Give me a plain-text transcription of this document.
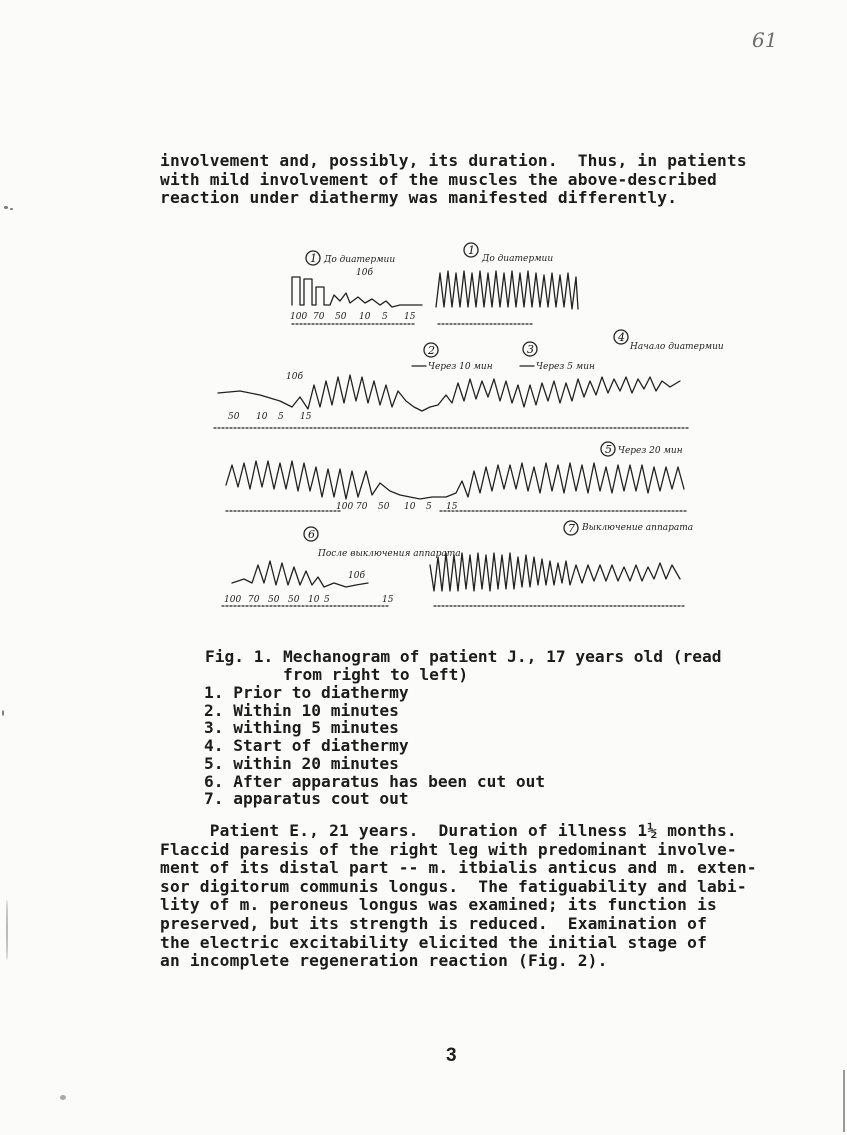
61
involvement and, possibly, its duration.  Thus, in patients
with mild involvement of the muscles the above-described
reaction under diathermy was manifested differently.
1
1
2	3
4
5
6	7
До диатермии	До диатермии
Через 10 мин	Через 5 мин
Начало диатермии
Через 20 мин
После выключения аппарата
Выключение аппарата
10б
10б
10б
100 70 50 10 5 15
50 10 5 15
100 70 50 10 5 15
100 70 50 50 10 5	15
Fig. 1. Mechanogram of patient J., 17 years old (read
from right to left)
1. Prior to diathermy
2. Within 10 minutes
3. withing 5 minutes
4. Start of diathermy
5. within 20 minutes
6. After apparatus has been cut out
7. apparatus cout out
Patient E., 21 years.  Duration of illness 1½ months.
Flaccid paresis of the right leg with predominant involve-
ment of its distal part -- m. itbialis anticus and m. exten-
sor digitorum communis longus.  The fatiguability and labi-
lity of m. peroneus longus was examined; its function is
preserved, but its strength is reduced.  Examination of
the electric excitability elicited the initial stage of
an incomplete regeneration reaction (Fig. 2).
3
